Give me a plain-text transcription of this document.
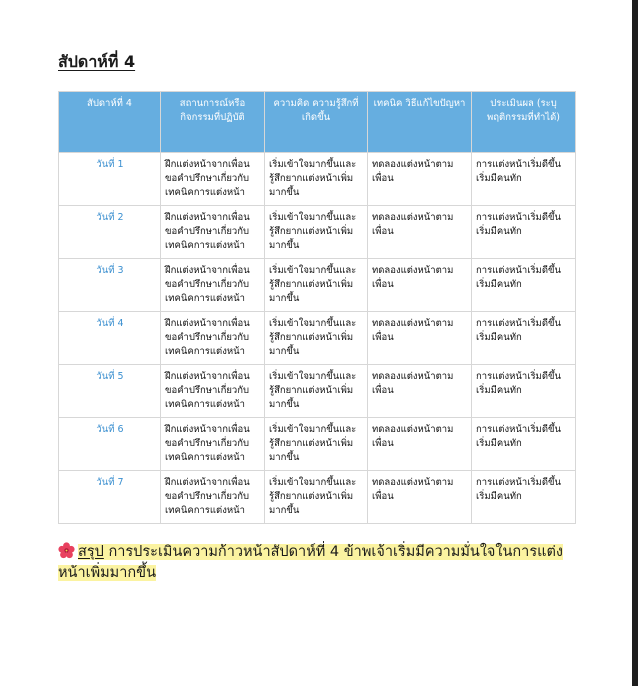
สัปดาห์ที่ 4
สัปดาห์ที่ 4	สถานการณ์หรือกิจกรรมที่ปฏิบัติ	ความคิด ความรู้สึกที่เกิดขึ้น	เทคนิค วิธีแก้ไขปัญหา	ประเมินผล (ระบุพฤติกรรมที่ทำได้)
วันที่ 1	ฝึกแต่งหน้าจากเพื่อน ขอคำปรึกษาเกี่ยวกับเทคนิคการแต่งหน้า	เริ่มเข้าใจมากขึ้นและรู้สึกยากแต่งหน้าเพิ่มมากขึ้น	ทดลองแต่งหน้าตามเพื่อน	การแต่งหน้าเริ่มดีขึ้น เริ่มมีคนทัก
วันที่ 2	ฝึกแต่งหน้าจากเพื่อน ขอคำปรึกษาเกี่ยวกับเทคนิคการแต่งหน้า	เริ่มเข้าใจมากขึ้นและรู้สึกยากแต่งหน้าเพิ่มมากขึ้น	ทดลองแต่งหน้าตามเพื่อน	การแต่งหน้าเริ่มดีขึ้น เริ่มมีคนทัก
วันที่ 3	ฝึกแต่งหน้าจากเพื่อน ขอคำปรึกษาเกี่ยวกับเทคนิคการแต่งหน้า	เริ่มเข้าใจมากขึ้นและรู้สึกยากแต่งหน้าเพิ่มมากขึ้น	ทดลองแต่งหน้าตามเพื่อน	การแต่งหน้าเริ่มดีขึ้น เริ่มมีคนทัก
วันที่ 4	ฝึกแต่งหน้าจากเพื่อน ขอคำปรึกษาเกี่ยวกับเทคนิคการแต่งหน้า	เริ่มเข้าใจมากขึ้นและรู้สึกยากแต่งหน้าเพิ่มมากขึ้น	ทดลองแต่งหน้าตามเพื่อน	การแต่งหน้าเริ่มดีขึ้น เริ่มมีคนทัก
วันที่ 5	ฝึกแต่งหน้าจากเพื่อน ขอคำปรึกษาเกี่ยวกับเทคนิคการแต่งหน้า	เริ่มเข้าใจมากขึ้นและรู้สึกยากแต่งหน้าเพิ่มมากขึ้น	ทดลองแต่งหน้าตามเพื่อน	การแต่งหน้าเริ่มดีขึ้น เริ่มมีคนทัก
วันที่ 6	ฝึกแต่งหน้าจากเพื่อน ขอคำปรึกษาเกี่ยวกับเทคนิคการแต่งหน้า	เริ่มเข้าใจมากขึ้นและรู้สึกยากแต่งหน้าเพิ่มมากขึ้น	ทดลองแต่งหน้าตามเพื่อน	การแต่งหน้าเริ่มดีขึ้น เริ่มมีคนทัก
วันที่ 7	ฝึกแต่งหน้าจากเพื่อน ขอคำปรึกษาเกี่ยวกับเทคนิคการแต่งหน้า	เริ่มเข้าใจมากขึ้นและรู้สึกยากแต่งหน้าเพิ่มมากขึ้น	ทดลองแต่งหน้าตามเพื่อน	การแต่งหน้าเริ่มดีขึ้น เริ่มมีคนทัก
สรุป การประเมินความก้าวหน้าสัปดาห์ที่ 4 ข้าพเจ้าเริ่มมีความมั่นใจในการแต่งหน้าเพิ่มมากขึ้น
